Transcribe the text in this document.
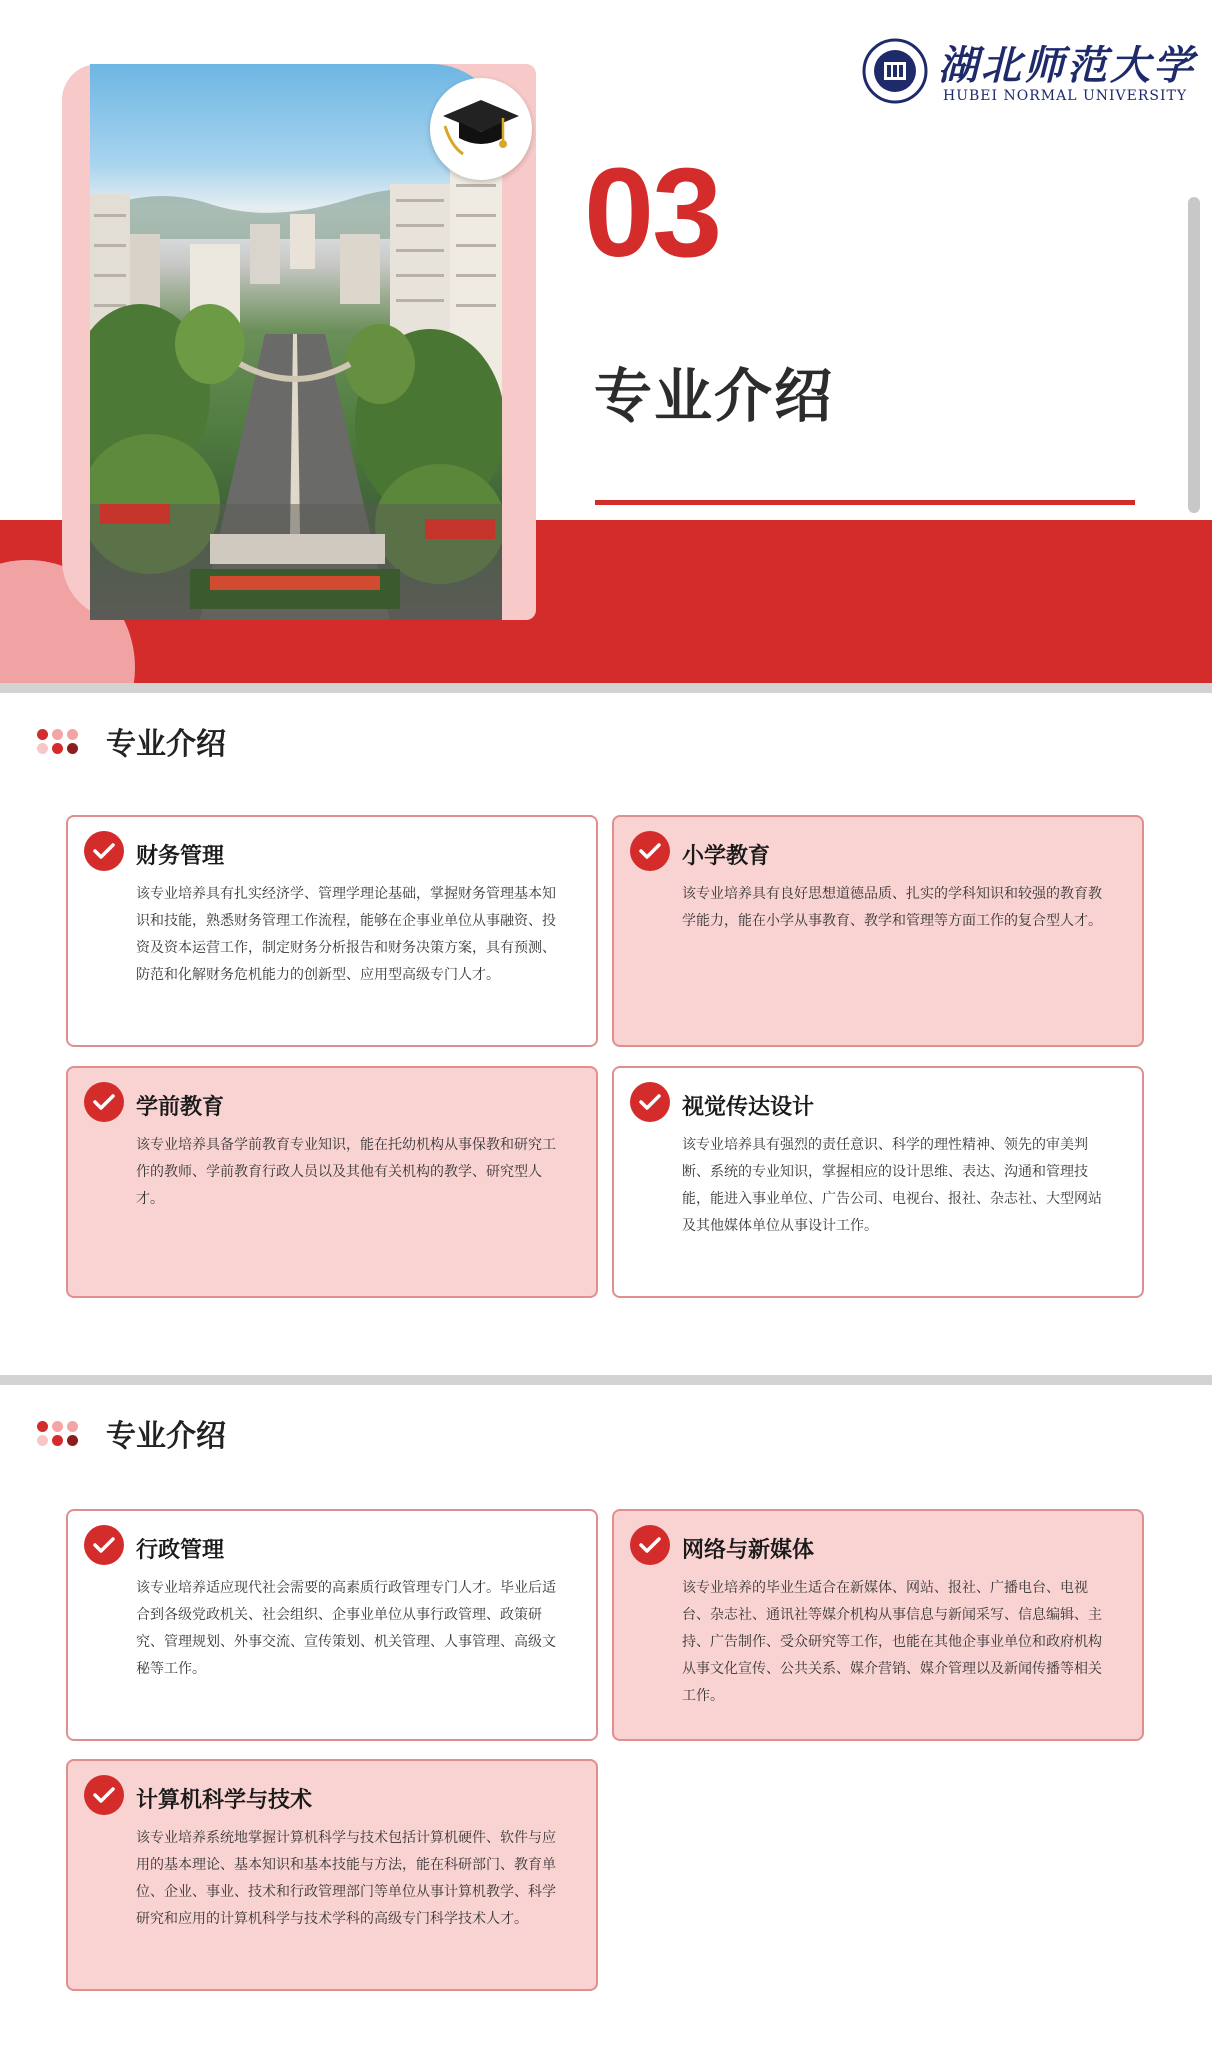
湖北师范大学
HUBEI NORMAL UNIVERSITY
03
专业介绍
专业介绍
财务管理

该专业培养具有扎实经济学、管理学理论基础，掌握财务管理基本知识和技能，熟悉财务管理工作流程，能够在企事业单位从事融资、投资及资本运营工作，制定财务分析报告和财务决策方案，具有预测、防范和化解财务危机能力的创新型、应用型高级专门人才。

小学教育

该专业培养具有良好思想道德品质、扎实的学科知识和较强的教育教学能力，能在小学从事教育、教学和管理等方面工作的复合型人才。

学前教育

该专业培养具备学前教育专业知识，能在托幼机构从事保教和研究工作的教师、学前教育行政人员以及其他有关机构的教学、研究型人才。

视觉传达设计

该专业培养具有强烈的责任意识、科学的理性精神、领先的审美判断、系统的专业知识，掌握相应的设计思维、表达、沟通和管理技能，能进入事业单位、广告公司、电视台、报社、杂志社、大型网站及其他媒体单位从事设计工作。

专业介绍
行政管理

该专业培养适应现代社会需要的高素质行政管理专门人才。毕业后适合到各级党政机关、社会组织、企事业单位从事行政管理、政策研究、管理规划、外事交流、宣传策划、机关管理、人事管理、高级文秘等工作。

网络与新媒体

该专业培养的毕业生适合在新媒体、网站、报社、广播电台、电视台、杂志社、通讯社等媒介机构从事信息与新闻采写、信息编辑、主持、广告制作、受众研究等工作，也能在其他企事业单位和政府机构从事文化宣传、公共关系、媒介营销、媒介管理以及新闻传播等相关工作。

计算机科学与技术

该专业培养系统地掌握计算机科学与技术包括计算机硬件、软件与应用的基本理论、基本知识和基本技能与方法，能在科研部门、教育单位、企业、事业、技术和行政管理部门等单位从事计算机教学、科学研究和应用的计算机科学与技术学科的高级专门科学技术人才。
